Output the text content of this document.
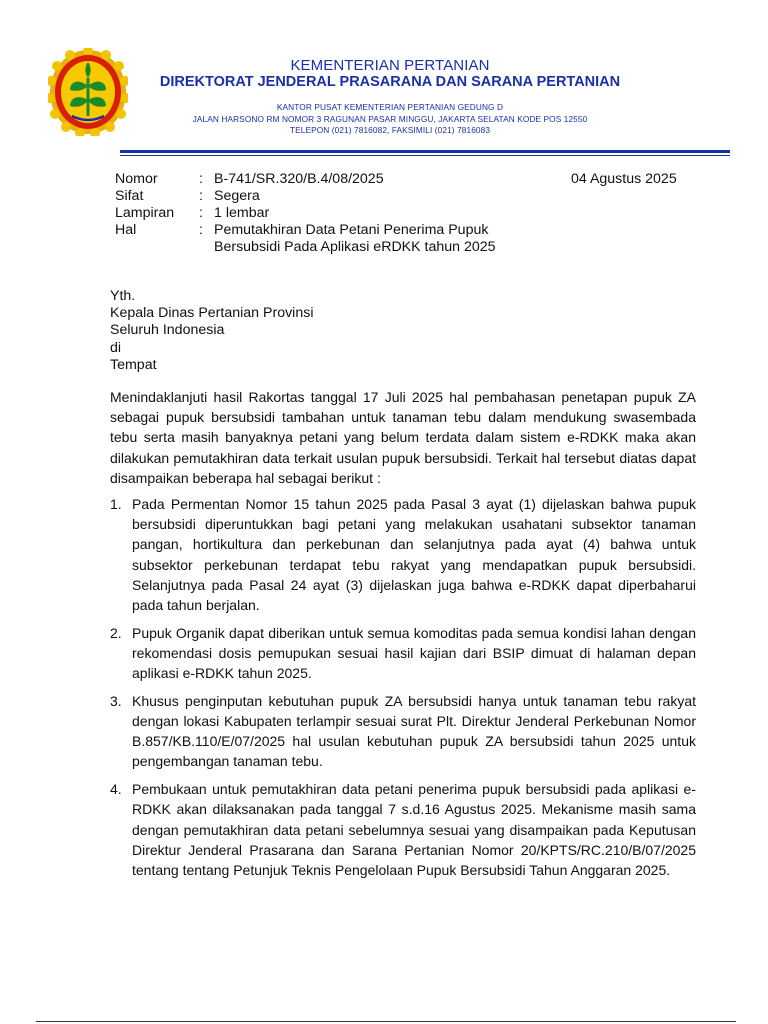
KEMENTERIAN PERTANIAN
DIREKTORAT JENDERAL PRASARANA DAN SARANA PERTANIAN
KANTOR PUSAT KEMENTERIAN PERTANIAN GEDUNG D
JALAN HARSONO RM NOMOR 3 RAGUNAN PASAR MINGGU, JAKARTA SELATAN KODE POS 12550
TELEPON (021) 7816082, FAKSIMILI (021) 7816083
Nomor	: B-741/SR.320/B.4/08/2025
Sifat	: Segera
Lampiran	: 1 lembar
Hal	: Pemutakhiran Data Petani Penerima Pupuk
Bersubsidi Pada Aplikasi eRDKK tahun 2025
04 Agustus 2025
Yth.
Kepala Dinas Pertanian Provinsi
Seluruh Indonesia
di
Tempat
Menindaklanjuti hasil Rakortas tanggal 17 Juli 2025 hal pembahasan penetapan pupuk ZA sebagai pupuk bersubsidi tambahan untuk tanaman tebu dalam mendukung swasembada tebu serta masih banyaknya petani yang belum terdata dalam sistem e-RDKK maka akan dilakukan pemutakhiran data terkait usulan pupuk bersubsidi. Terkait hal tersebut diatas dapat disampaikan beberapa hal sebagai berikut :
1. Pada Permentan Nomor 15 tahun 2025 pada Pasal 3 ayat (1) dijelaskan bahwa pupuk bersubsidi diperuntukkan bagi petani yang melakukan usahatani subsektor tanaman pangan, hortikultura dan perkebunan dan selanjutnya pada ayat (4) bahwa untuk subsektor perkebunan terdapat tebu rakyat yang mendapatkan pupuk bersubsidi. Selanjutnya pada Pasal 24 ayat (3) dijelaskan juga bahwa e-RDKK dapat diperbaharui pada tahun berjalan.
2. Pupuk Organik dapat diberikan untuk semua komoditas pada semua kondisi lahan dengan rekomendasi dosis pemupukan sesuai hasil kajian dari BSIP dimuat di halaman depan aplikasi e-RDKK tahun 2025.
3. Khusus penginputan kebutuhan pupuk ZA bersubsidi hanya untuk tanaman tebu rakyat dengan lokasi Kabupaten terlampir sesuai surat Plt. Direktur Jenderal Perkebunan Nomor B.857/KB.110/E/07/2025 hal usulan kebutuhan pupuk ZA bersubsidi tahun 2025 untuk pengembangan tanaman tebu.
4. Pembukaan untuk pemutakhiran data petani penerima pupuk bersubsidi pada aplikasi e-RDKK akan dilaksanakan pada tanggal 7 s.d.16 Agustus 2025. Mekanisme masih sama dengan pemutakhiran data petani sebelumnya sesuai yang disampaikan pada Keputusan Direktur Jenderal Prasarana dan Sarana Pertanian Nomor 20/KPTS/RC.210/B/07/2025 tentang tentang Petunjuk Teknis Pengelolaan Pupuk Bersubsidi Tahun Anggaran 2025.
